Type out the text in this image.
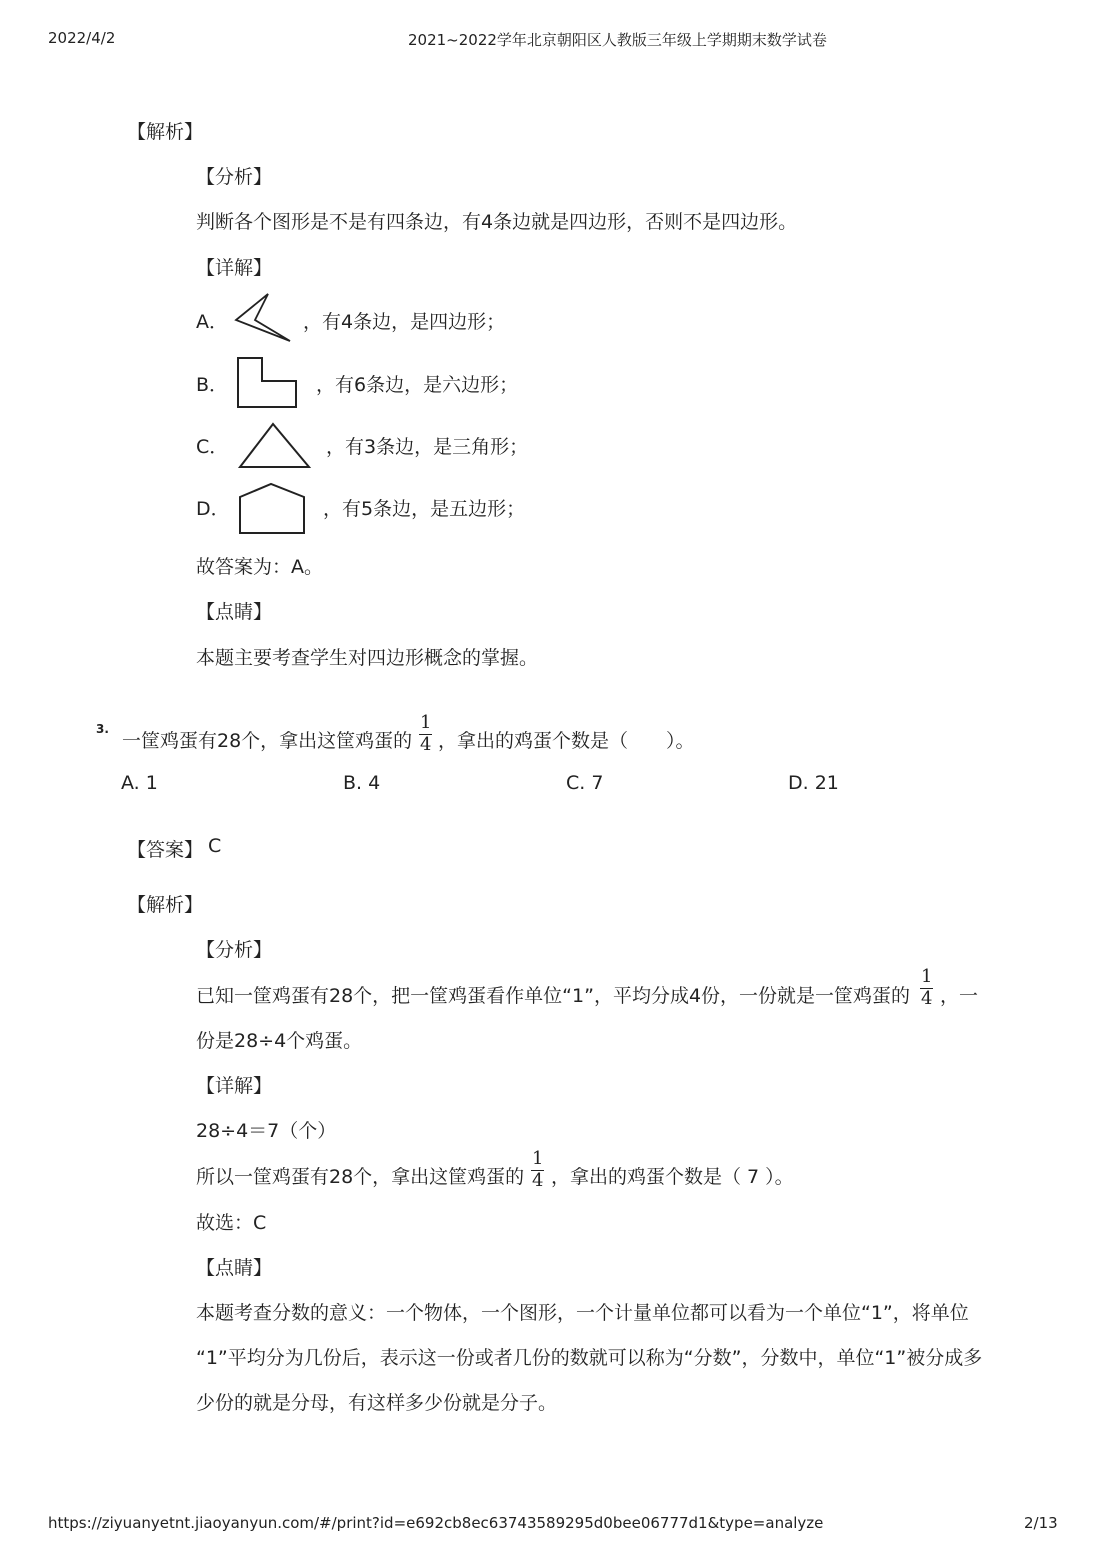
2022/4/2	2021~2022学年北京朝阳区人教版三年级上学期期末数学试卷
【解析】
【分析】
判断各个图形是不是有四条边，有4条边就是四边形，否则不是四边形。
【详解】
A．	，有4条边，是四边形；
B．	，有6条边，是六边形；
C．	，有3条边，是三角形；
D．	，有5条边，是五边形；
故答案为：A。
【点睛】
本题主要考查学生对四边形概念的掌握。
3.
一筐鸡蛋有28个，拿出这筐鸡蛋的
1
4 ，拿出的鸡蛋个数是（　　）。
A. 1	B. 4	C. 7	D. 21
【答案】 C
【解析】
【分析】
已知一筐鸡蛋有28个，把一筐鸡蛋看作单位“1”，平均分成4份，一份就是一筐鸡蛋的
1
4 ，一
份是28÷4个鸡蛋。
【详解】
28÷4＝7（个）
所以一筐鸡蛋有28个，拿出这筐鸡蛋的
1
4 ，拿出的鸡蛋个数是（ 7 ）。
故选：C
【点睛】
本题考查分数的意义：一个物体，一个图形，一个计量单位都可以看为一个单位“1”，将单位
“1”平均分为几份后，表示这一份或者几份的数就可以称为“分数”，分数中，单位“1”被分成多
少份的就是分母，有这样多少份就是分子。
https://ziyuanyetnt.jiaoyanyun.com/#/print?id=e692cb8ec63743589295d0bee06777d1&type=analyze	2/13
